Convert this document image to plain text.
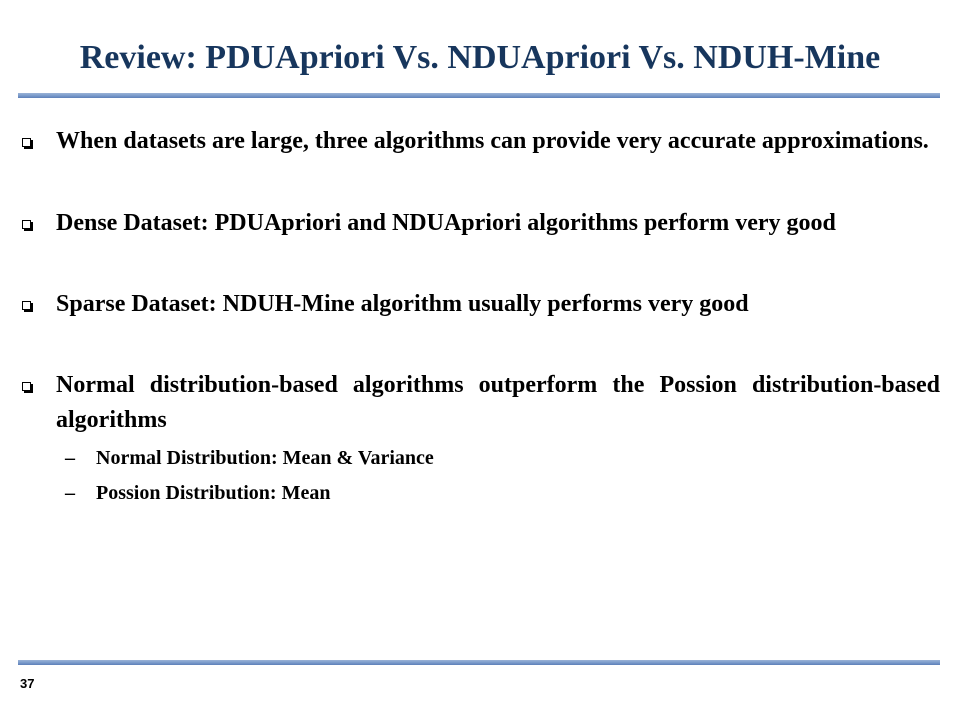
Review: PDUApriori Vs. NDUApriori Vs. NDUH-Mine
When datasets are large, three algorithms can provide very accurate approximations.
Dense Dataset: PDUApriori and NDUApriori algorithms perform very good
Sparse Dataset: NDUH-Mine algorithm usually performs very good
Normal distribution-based algorithms outperform the Possion distribution-based algorithms
– Normal Distribution: Mean & Variance
– Possion Distribution: Mean
37
